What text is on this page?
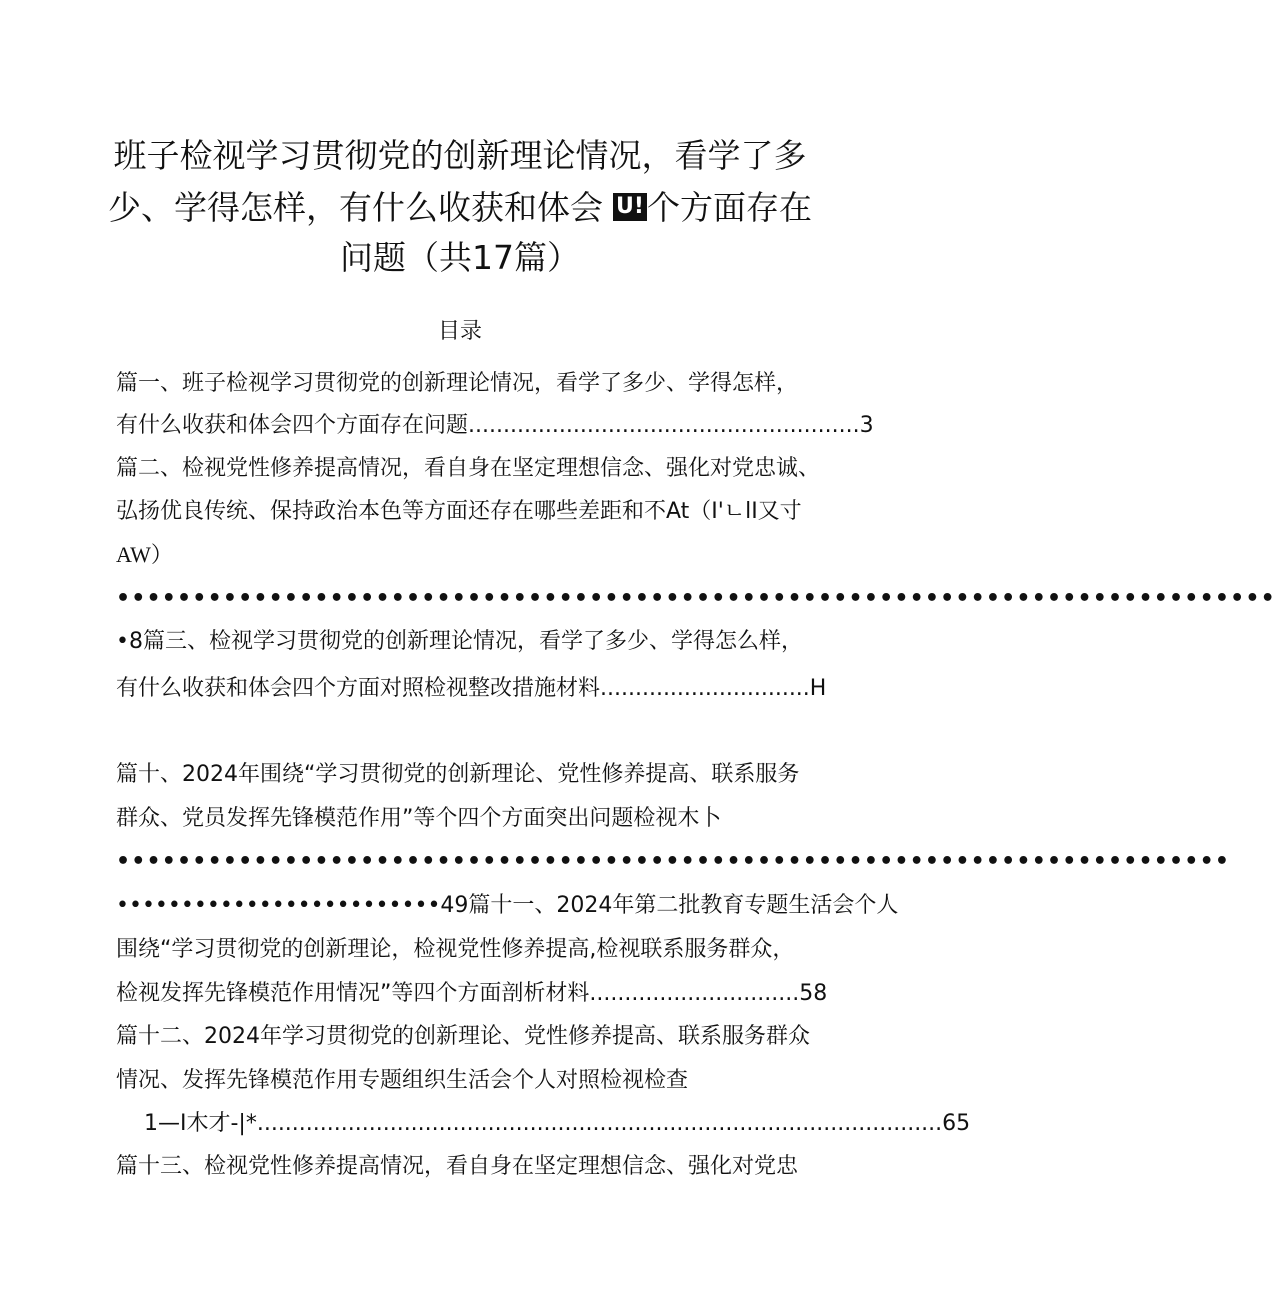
班子检视学习贯彻党的创新理论情况，看学了多
少、学得怎样，有什么收获和体会 U!个方面存在
问题（共17篇）
目录
篇一、班子检视学习贯彻党的创新理论情况，看学了多少、学得怎样，
有什么收获和体会四个方面存在问题........................................................3
篇二、检视党性修养提高情况，看自身在坚定理想信念、强化对党忠诚、
弘扬优良传统、保持政治本色等方面还存在哪些差距和不At（I'ㄴlI又寸
AW）
••••••••••••••••••••••••••••••••••••••••••••••••••••••••••••••••••••••••••••
•8篇三、检视学习贯彻党的创新理论情况，看学了多少、学得怎么样，
有什么收获和体会四个方面对照检视整改措施材料..............................H
篇十、2024年围绕“学习贯彻党的创新理论、党性修养提高、联系服务
群众、党员发挥先锋模范作用”等个四个方面突出问题检视木卜
•••••••••••••••••••••••••••••••••••••••••••••••••••••••••••••••••••••••••
•••••••••••••••••••••••••49篇十一、2024年第二批教育专题生活会个人
围绕“学习贯彻党的创新理论，检视党性修养提高,检视联系服务群众，
检视发挥先锋模范作用情况”等四个方面剖析材料..............................58
篇十二、2024年学习贯彻党的创新理论、党性修养提高、联系服务群众
情况、发挥先锋模范作用专题组织生活会个人对照检视检查
1—I木才-|*..................................................................................................65
篇十三、检视党性修养提高情况，看自身在坚定理想信念、强化对党忠
